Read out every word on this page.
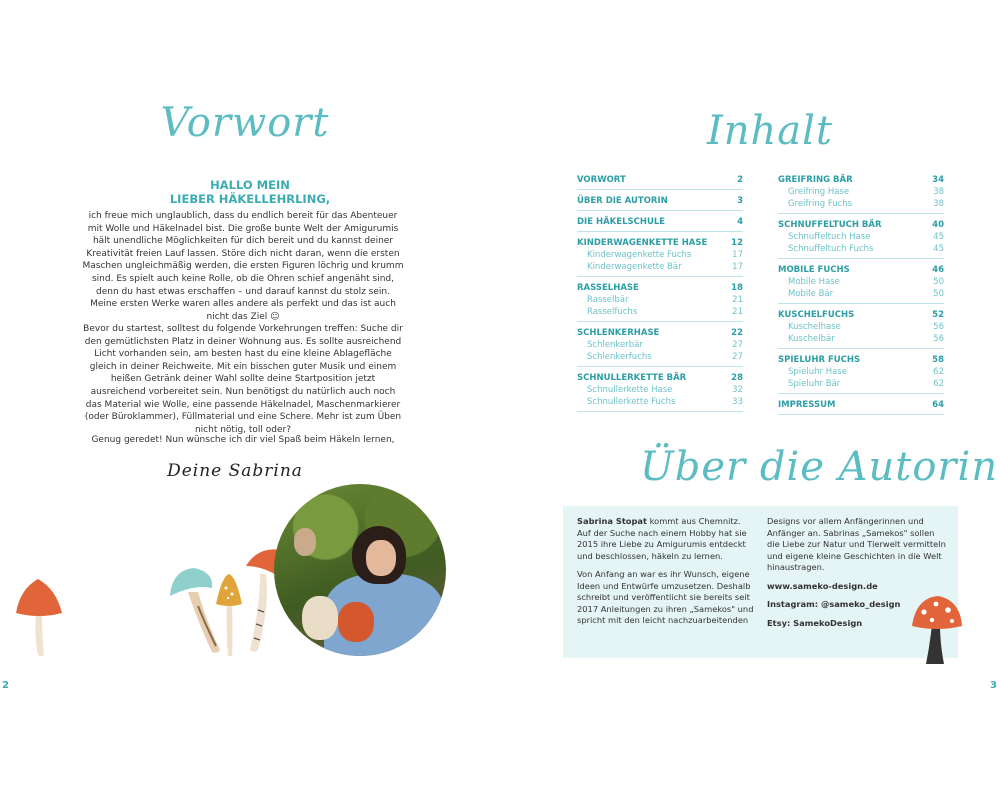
Vorwort
HALLO MEIN
LIEBER HÄKELLEHRLING,

ich freue mich unglaublich, dass du endlich bereit für das Abenteuer mit Wolle und Häkelnadel bist. Die große bunte Welt der Amigurumis hält unendliche Möglichkeiten für dich bereit und du kannst deiner Kreativität freien Lauf lassen. Störe dich nicht daran, wenn die ersten Maschen ungleichmäßig werden, die ersten Figuren löchrig und krumm sind. Es spielt auch keine Rolle, ob die Ohren schief angenäht sind, denn du hast etwas erschaffen – und darauf kannst du stolz sein. Meine ersten Werke waren alles andere als perfekt und das ist auch nicht das Ziel ☺

Bevor du startest, solltest du folgende Vorkehrungen treffen: Suche dir den gemütlichsten Platz in deiner Wohnung aus. Es sollte ausreichend Licht vorhanden sein, am besten hast du eine kleine Ablagefläche gleich in deiner Reichweite. Mit ein bisschen guter Musik und einem heißen Getränk deiner Wahl sollte deine Startposition jetzt ausreichend vorbereitet sein. Nun benötigst du natürlich auch noch das Material wie Wolle, eine passende Häkelnadel, Maschenmarkierer (oder Büroklammer), Füllmaterial und eine Schere. Mehr ist zum Üben nicht nötig, toll oder?

Genug geredet! Nun wünsche ich dir viel Spaß beim Häkeln lernen,

Deine Sabrina
2
Inhalt
VORWORT	2
ÜBER DIE AUTORIN	3
DIE HÄKELSCHULE	4
KINDERWAGENKETTE HASE	12
Kinderwagenkette Fuchs	17
Kinderwagenkette Bär	17
RASSELHASE	18
Rasselbär	21
Rasselfuchs	21
SCHLENKERHASE	22
Schlenkerbär	27
Schlenkerfuchs	27
SCHNULLERKETTE BÄR	28
Schnullerkette Hase	32
Schnullerkette Fuchs	33
GREIFRING BÄR	34
Greifring Hase	38
Greifring Fuchs	38
SCHNUFFELTUCH BÄR	40
Schnuffeltuch Hase	45
Schnuffeltuch Fuchs	45
MOBILE FUCHS	46
Mobile Hase	50
Mobile Bär	50
KUSCHELFUCHS	52
Kuschelhase	56
Kuschelbär	56
SPIELUHR FUCHS	58
Spieluhr Hase	62
Spieluhr Bär	62
IMPRESSUM	64
Über die Autorin

Sabrina Stopat kommt aus Chemnitz. Auf der Suche nach einem Hobby hat sie 2015 ihre Liebe zu Amigurumis entdeckt und beschlossen, häkeln zu lernen.

Von Anfang an war es ihr Wunsch, eigene Ideen und Entwürfe umzusetzen. Deshalb schreibt und veröffentlicht sie bereits seit 2017 Anleitungen zu ihren „Samekos" und spricht mit den leicht nachzuarbeitenden

Designs vor allem Anfängerinnen und Anfänger an. Sabrinas „Samekos" sollen die Liebe zur Natur und Tierwelt vermitteln und eigene kleine Geschichten in die Welt hinaustragen.

www.sameko-design.de
Instagram: @sameko_design
Etsy: SamekoDesign
3
